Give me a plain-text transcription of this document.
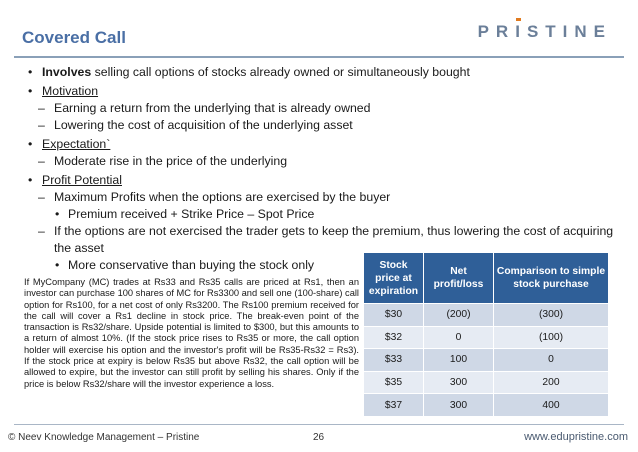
Covered Call	PRISTINE
• Involves selling call options of stocks already owned or simultaneously bought
• Motivation
– Earning a return from the underlying that is already owned
– Lowering the cost of acquisition of the underlying asset
• Expectation`
– Moderate rise in the price of the underlying
• Profit Potential
– Maximum Profits when the options are exercised by the buyer
• Premium received + Strike Price – Spot Price
– If the options are not exercised the trader gets to keep the premium, thus lowering the cost of acquiring the asset
• More conservative than buying the stock only
If MyCompany (MC) trades at Rs33 and Rs35 calls are priced at Rs1, then an investor can purchase 100 shares of MC for Rs3300 and sell one (100-share) call option for Rs100, for a net cost of only Rs3200. The Rs100 premium received for the call will cover a Rs1 decline in stock price. The break-even point of the transaction is Rs32/share. Upside potential is limited to $300, but this amounts to a return of almost 10%. (If the stock price rises to Rs35 or more, the call option holder will exercise his option and the investor's profit will be Rs35-Rs32 = Rs3). If the stock price at expiry is below Rs35 but above Rs32, the call option will be allowed to expire, but the investor can still profit by selling his shares. Only if the price is below Rs32/share will the investor experience a loss.
Stock price at expiration	Net profit/loss	Comparison to simple stock purchase
$30	(200)	(300)
$32	0	(100)
$33	100	0
$35	300	200
$37	300	400
© Neev Knowledge Management – Pristine	26	www.edupristine.com
